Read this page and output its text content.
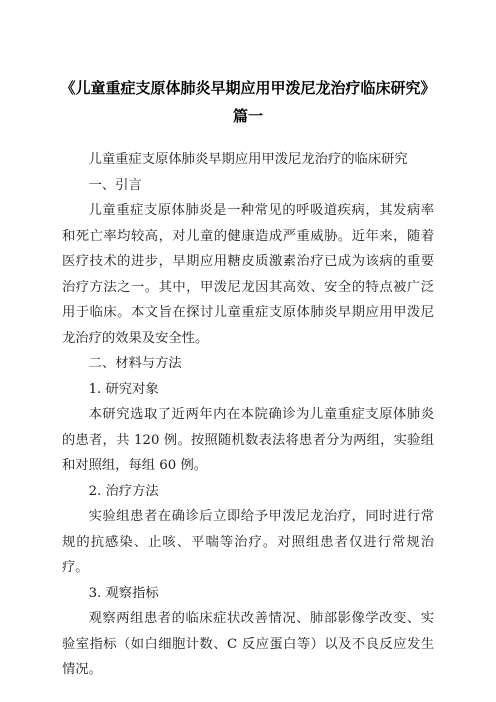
《儿童重症支原体肺炎早期应用甲泼尼龙治疗临床研究》
篇一

儿童重症支原体肺炎早期应用甲泼尼龙治疗的临床研究

一、引言

儿童重症支原体肺炎是一种常见的呼吸道疾病，其发病率和死亡率均较高，对儿童的健康造成严重威胁。近年来，随着医疗技术的进步，早期应用糖皮质激素治疗已成为该病的重要治疗方法之一。其中，甲泼尼龙因其高效、安全的特点被广泛用于临床。本文旨在探讨儿童重症支原体肺炎早期应用甲泼尼龙治疗的效果及安全性。

二、材料与方法

1. 研究对象

本研究选取了近两年内在本院确诊为儿童重症支原体肺炎的患者，共 120 例。按照随机数表法将患者分为两组，实验组和对照组，每组 60 例。

2. 治疗方法

实验组患者在确诊后立即给予甲泼尼龙治疗，同时进行常规的抗感染、止咳、平喘等治疗。对照组患者仅进行常规治疗。

3. 观察指标

观察两组患者的临床症状改善情况、肺部影像学改变、实验室指标（如白细胞计数、C 反应蛋白等）以及不良反应发生情况。
